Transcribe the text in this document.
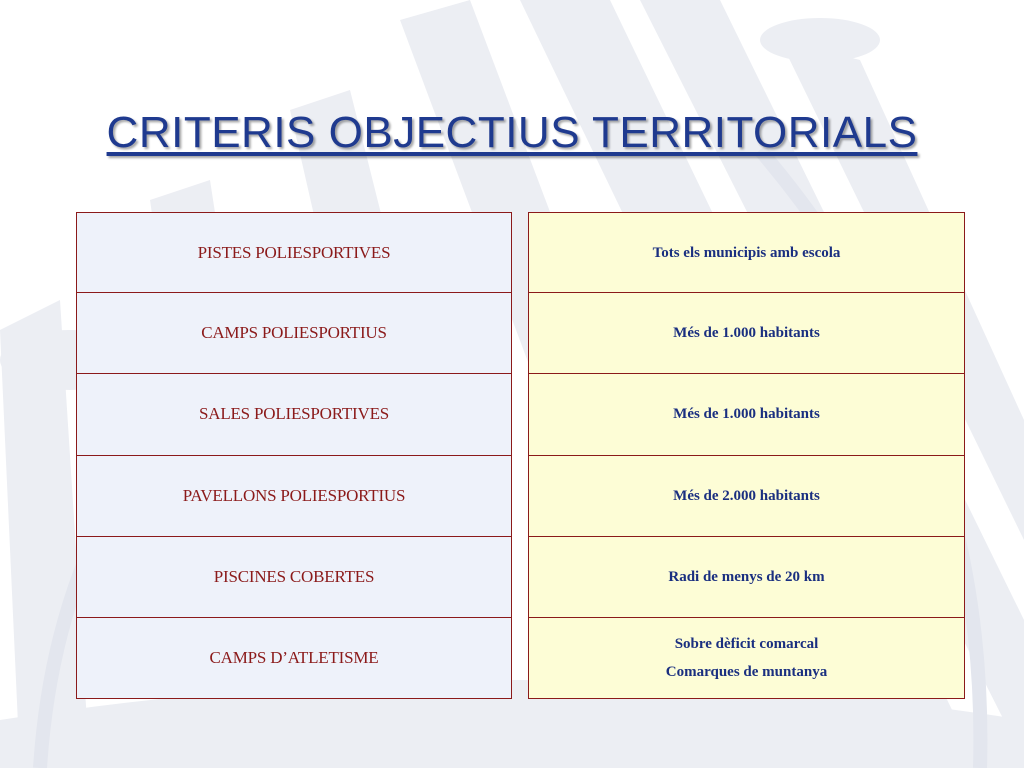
CRITERIS OBJECTIUS TERRITORIALS
PISTES POLIESPORTIVES
CAMPS POLIESPORTIUS
SALES POLIESPORTIVES
PAVELLONS POLIESPORTIUS
PISCINES COBERTES
CAMPS D’ATLETISME
Tots els municipis amb escola
Més de 1.000 habitants
Més de 1.000 habitants
Més de 2.000 habitants
Radi de menys de 20 km
Sobre dèficit comarcal
Comarques de muntanya
